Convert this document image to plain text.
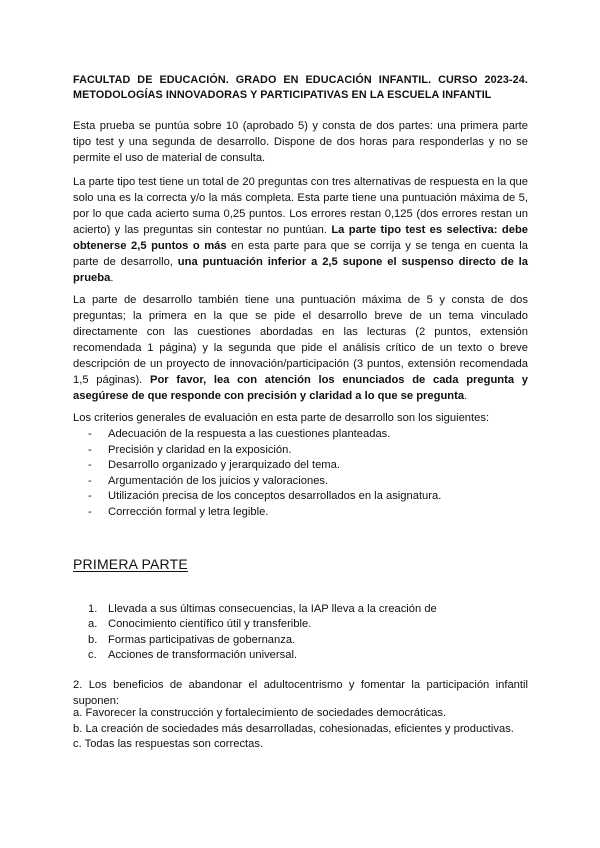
FACULTAD DE EDUCACIÓN. GRADO EN EDUCACIÓN INFANTIL. CURSO 2023-24.
METODOLOGÍAS INNOVADORAS Y PARTICIPATIVAS EN LA ESCUELA INFANTIL

Esta prueba se puntúa sobre 10 (aprobado 5) y consta de dos partes: una primera parte tipo test y una segunda de desarrollo. Dispone de dos horas para responderlas y no se permite el uso de material de consulta.

La parte tipo test tiene un total de 20 preguntas con tres alternativas de respuesta en la que solo una es la correcta y/o la más completa. Esta parte tiene una puntuación máxima de 5, por lo que cada acierto suma 0,25 puntos. Los errores restan 0,125 (dos errores restan un acierto) y las preguntas sin contestar no puntúan. La parte tipo test es selectiva: debe obtenerse 2,5 puntos o más en esta parte para que se corrija y se tenga en cuenta la parte de desarrollo, una puntuación inferior a 2,5 supone el suspenso directo de la prueba.

La parte de desarrollo también tiene una puntuación máxima de 5 y consta de dos preguntas; la primera en la que se pide el desarrollo breve de un tema vinculado directamente con las cuestiones abordadas en las lecturas (2 puntos, extensión recomendada 1 página) y la segunda que pide el análisis crítico de un texto o breve descripción de un proyecto de innovación/participación (3 puntos, extensión recomendada 1,5 páginas). Por favor, lea con atención los enunciados de cada pregunta y asegúrese de que responde con precisión y claridad a lo que se pregunta.

Los criterios generales de evaluación en esta parte de desarrollo son los siguientes:

- Adecuación de la respuesta a las cuestiones planteadas.
- Precisión y claridad en la exposición.
- Desarrollo organizado y jerarquizado del tema.
- Argumentación de los juicios y valoraciones.
- Utilización precisa de los conceptos desarrollados en la asignatura.
- Corrección formal y letra legible.
PRIMERA PARTE
1. Llevada a sus últimas consecuencias, la IAP lleva a la creación de
a. Conocimiento científico útil y transferible.
b. Formas participativas de gobernanza.
c. Acciones de transformación universal.

2. Los beneficios de abandonar el adultocentrismo y fomentar la participación infantil suponen:

a. Favorecer la construcción y fortalecimiento de sociedades democráticas.
b. La creación de sociedades más desarrolladas, cohesionadas, eficientes y productivas.
c. Todas las respuestas son correctas.
